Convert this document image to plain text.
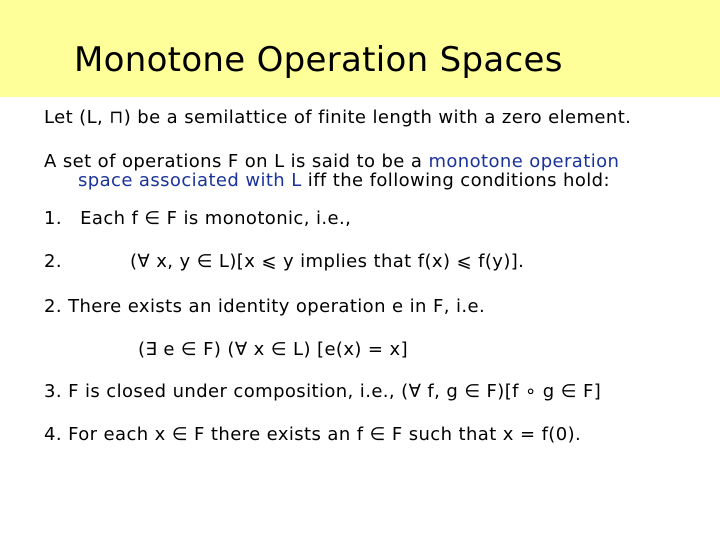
Monotone Operation Spaces
Let (L, ⊓) be a semilattice of finite length with a zero element.
A set of operations F on L is said to be a monotone operation
space associated with L iff the following conditions hold:
1. Each f ∈ F is monotonic, i.e.,
2.	(∀ x, y ∈ L)[x ⩽ y implies that f(x) ⩽ f(y)].
2. There exists an identity operation e in F, i.e.
(∃ e ∈ F) (∀ x ∈ L) [e(x) = x]
3. F is closed under composition, i.e., (∀ f, g ∈ F)[f ∘ g ∈ F]
4. For each x ∈ F there exists an f ∈ F such that x = f(0).
